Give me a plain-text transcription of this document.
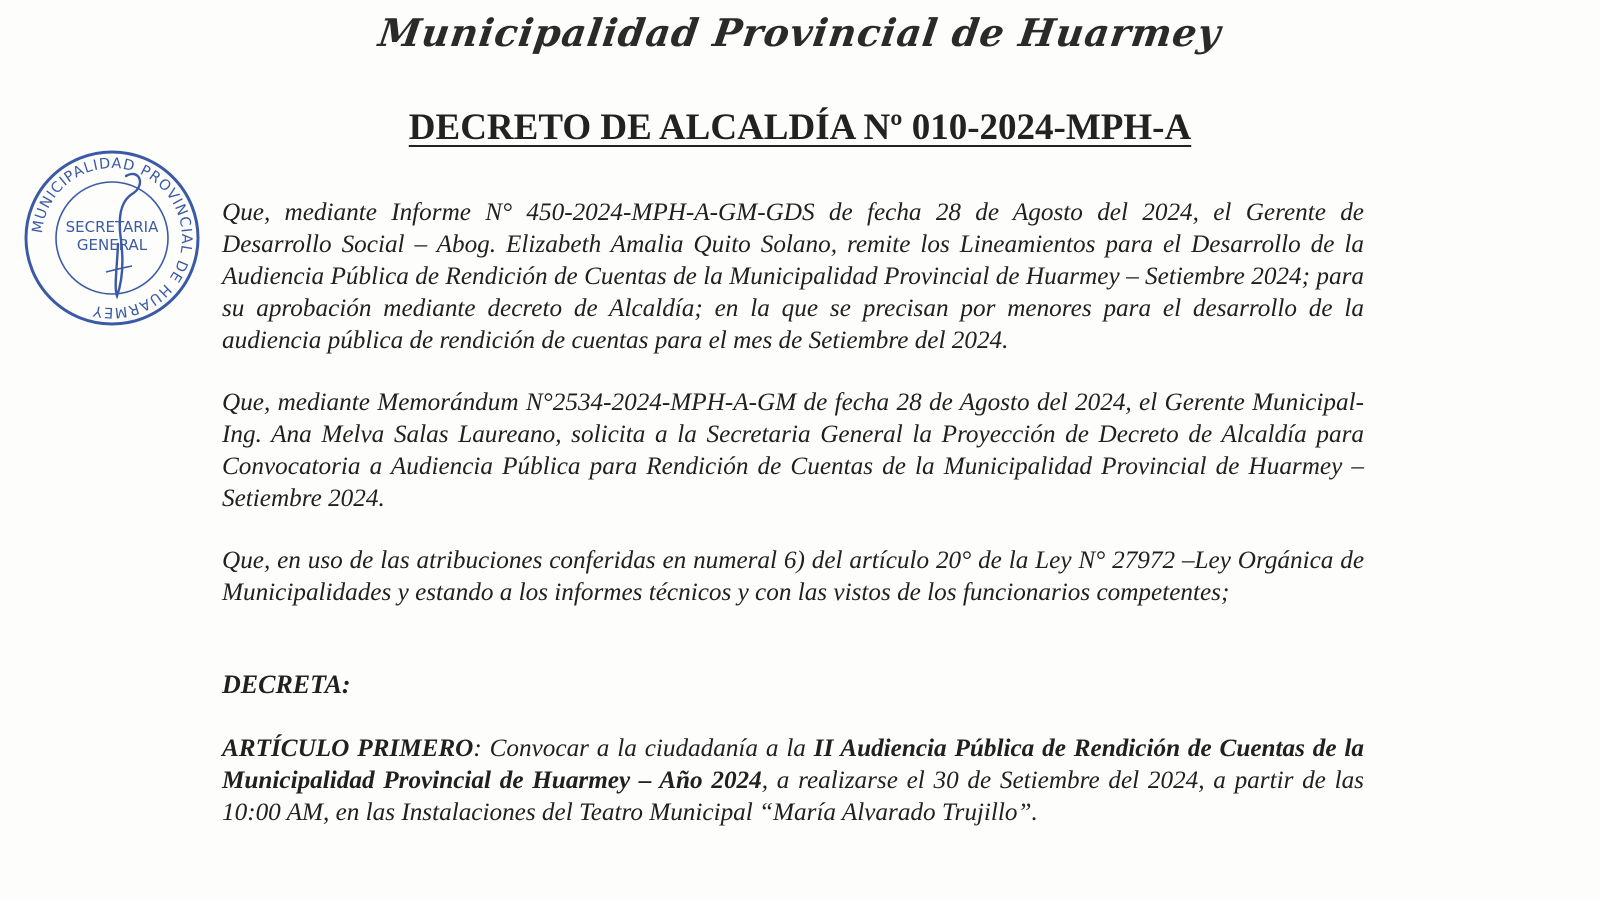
Municipalidad Provincial de Huarmey
DECRETO DE ALCALDÍA Nº 010-2024-MPH-A
MUNICIPALIDAD PROVINCIAL DE HUARMEY
SECRETARIA
GENERAL

Que, mediante Informe N° 450-2024-MPH-A-GM-GDS de fecha 28 de Agosto del 2024, el Gerente de Desarrollo Social – Abog. Elizabeth Amalia Quito Solano, remite los Lineamientos para el Desarrollo de la Audiencia Pública de Rendición de Cuentas de la Municipalidad Provincial de Huarmey – Setiembre 2024; para su aprobación mediante decreto de Alcaldía; en la que se precisan por menores para el desarrollo de la audiencia pública de rendición de cuentas para el mes de Setiembre del 2024.

Que, mediante Memorándum N°2534-2024-MPH-A-GM de fecha 28 de Agosto del 2024, el Gerente Municipal- Ing. Ana Melva Salas Laureano, solicita a la Secretaria General la Proyección de Decreto de Alcaldía para Convocatoria a Audiencia Pública para Rendición de Cuentas de la Municipalidad Provincial de Huarmey – Setiembre 2024.

Que, en uso de las atribuciones conferidas en numeral 6) del artículo 20° de la Ley N° 27972 –Ley Orgánica de Municipalidades y estando a los informes técnicos y con las vistos de los funcionarios competentes;

DECRETA:

ARTÍCULO PRIMERO: Convocar a la ciudadanía a la II Audiencia Pública de Rendición de Cuentas de la Municipalidad Provincial de Huarmey – Año 2024, a realizarse el 30 de Setiembre del 2024, a partir de las 10:00 AM, en las Instalaciones del Teatro Municipal “María Alvarado Trujillo”.
